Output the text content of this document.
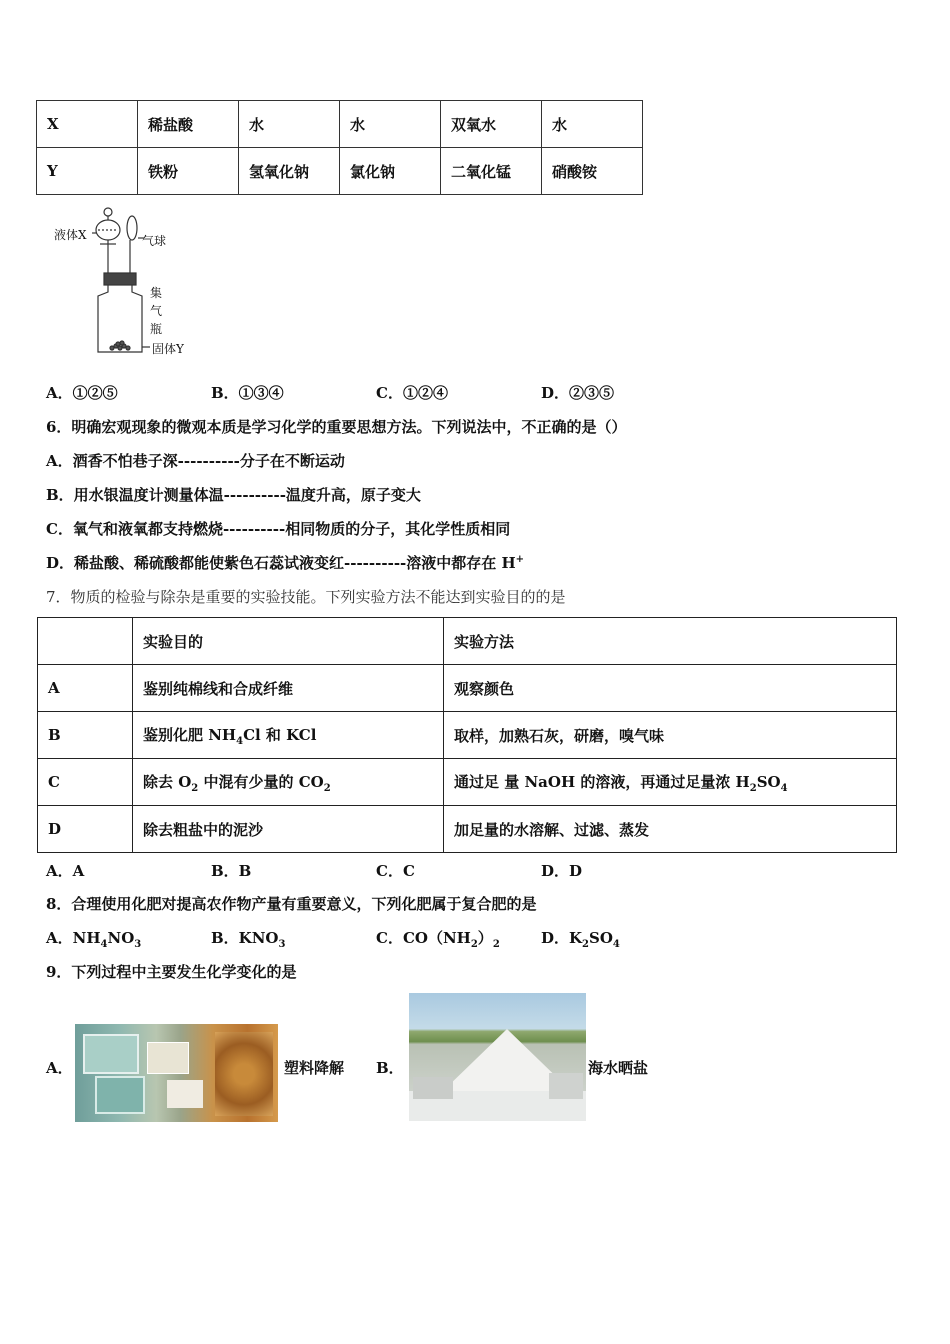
X	稀盐酸	水	水	双氧水	水
Y	铁粉	氢氧化钠	氯化钠	二氧化锰	硝酸铵
液体X	气球
集
气
瓶
固体Y
A．①②⑤	B．①③④	C．①②④	D．②③⑤
6．明确宏观现象的微观本质是学习化学的重要思想方法。下列说法中，不正确的是（）
A．酒香不怕巷子深----------分子在不断运动
B．用水银温度计测量体温----------温度升高，原子变大
C．氧气和液氧都支持燃烧----------相同物质的分子，其化学性质相同
D．稀盐酸、稀硫酸都能使紫色石蕊试液变红----------溶液中都存在 H+
7．物质的检验与除杂是重要的实验技能。下列实验方法不能达到实验目的的是
	实验目的	实验方法
A	鉴别纯棉线和合成纤维	观察颜色
B	鉴别化肥 $NH_4Cl$ 和 KCl	取样，加熟石灰，研磨，嗅气味
C	除去 $O_2$ 中混有少量的 $CO_2$	通过足 量 NaOH 的溶液，再通过足量浓 $H_2SO_4$
D	除去粗盐中的泥沙	加足量的水溶解、过滤、蒸发
A．A	B．B	C．C	D．D
8．合理使用化肥对提高农作物产量有重要意义，下列化肥属于复合肥的是
A．$NH_4NO_3$	B．$KNO_3$	C．$CO(NH_2)_2$	D．$K_2SO_4$
9．下列过程中主要发生化学变化的是
A．	塑料降解 B．	海水晒盐
